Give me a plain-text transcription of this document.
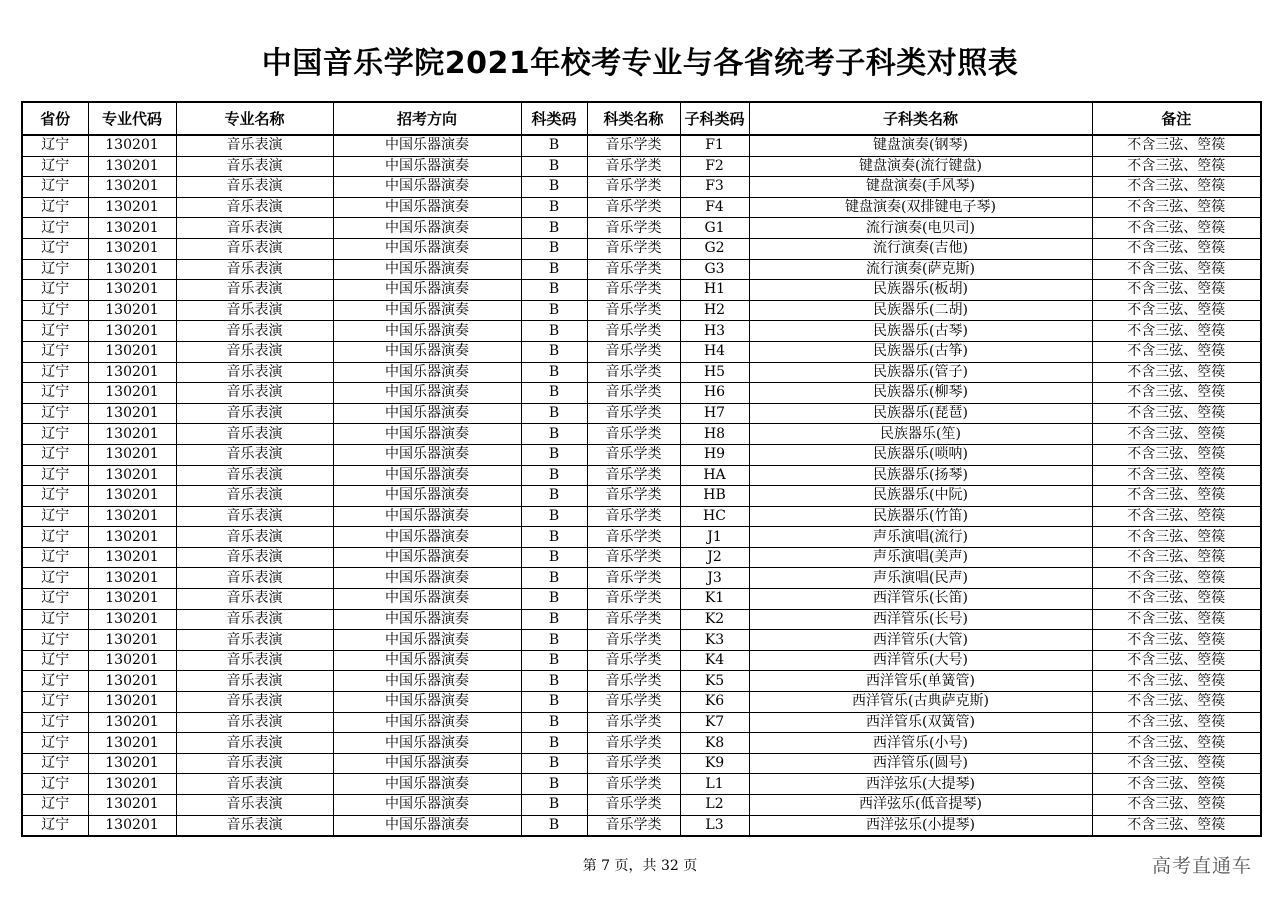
中国音乐学院2021年校考专业与各省统考子科类对照表
省份	专业代码	专业名称	招考方向	科类码	科类名称	子科类码	子科类名称	备注
辽宁	130201	音乐表演	中国乐器演奏	B	音乐学类	F1	键盘演奏(钢琴)	不含三弦、箜篌
辽宁	130201	音乐表演	中国乐器演奏	B	音乐学类	F2	键盘演奏(流行键盘)	不含三弦、箜篌
辽宁	130201	音乐表演	中国乐器演奏	B	音乐学类	F3	键盘演奏(手风琴)	不含三弦、箜篌
辽宁	130201	音乐表演	中国乐器演奏	B	音乐学类	F4	键盘演奏(双排键电子琴)	不含三弦、箜篌
辽宁	130201	音乐表演	中国乐器演奏	B	音乐学类	G1	流行演奏(电贝司)	不含三弦、箜篌
辽宁	130201	音乐表演	中国乐器演奏	B	音乐学类	G2	流行演奏(吉他)	不含三弦、箜篌
辽宁	130201	音乐表演	中国乐器演奏	B	音乐学类	G3	流行演奏(萨克斯)	不含三弦、箜篌
辽宁	130201	音乐表演	中国乐器演奏	B	音乐学类	H1	民族器乐(板胡)	不含三弦、箜篌
辽宁	130201	音乐表演	中国乐器演奏	B	音乐学类	H2	民族器乐(二胡)	不含三弦、箜篌
辽宁	130201	音乐表演	中国乐器演奏	B	音乐学类	H3	民族器乐(古琴)	不含三弦、箜篌
辽宁	130201	音乐表演	中国乐器演奏	B	音乐学类	H4	民族器乐(古筝)	不含三弦、箜篌
辽宁	130201	音乐表演	中国乐器演奏	B	音乐学类	H5	民族器乐(管子)	不含三弦、箜篌
辽宁	130201	音乐表演	中国乐器演奏	B	音乐学类	H6	民族器乐(柳琴)	不含三弦、箜篌
辽宁	130201	音乐表演	中国乐器演奏	B	音乐学类	H7	民族器乐(琵琶)	不含三弦、箜篌
辽宁	130201	音乐表演	中国乐器演奏	B	音乐学类	H8	民族器乐(笙)	不含三弦、箜篌
辽宁	130201	音乐表演	中国乐器演奏	B	音乐学类	H9	民族器乐(唢呐)	不含三弦、箜篌
辽宁	130201	音乐表演	中国乐器演奏	B	音乐学类	HA	民族器乐(扬琴)	不含三弦、箜篌
辽宁	130201	音乐表演	中国乐器演奏	B	音乐学类	HB	民族器乐(中阮)	不含三弦、箜篌
辽宁	130201	音乐表演	中国乐器演奏	B	音乐学类	HC	民族器乐(竹笛)	不含三弦、箜篌
辽宁	130201	音乐表演	中国乐器演奏	B	音乐学类	J1	声乐演唱(流行)	不含三弦、箜篌
辽宁	130201	音乐表演	中国乐器演奏	B	音乐学类	J2	声乐演唱(美声)	不含三弦、箜篌
辽宁	130201	音乐表演	中国乐器演奏	B	音乐学类	J3	声乐演唱(民声)	不含三弦、箜篌
辽宁	130201	音乐表演	中国乐器演奏	B	音乐学类	K1	西洋管乐(长笛)	不含三弦、箜篌
辽宁	130201	音乐表演	中国乐器演奏	B	音乐学类	K2	西洋管乐(长号)	不含三弦、箜篌
辽宁	130201	音乐表演	中国乐器演奏	B	音乐学类	K3	西洋管乐(大管)	不含三弦、箜篌
辽宁	130201	音乐表演	中国乐器演奏	B	音乐学类	K4	西洋管乐(大号)	不含三弦、箜篌
辽宁	130201	音乐表演	中国乐器演奏	B	音乐学类	K5	西洋管乐(单簧管)	不含三弦、箜篌
辽宁	130201	音乐表演	中国乐器演奏	B	音乐学类	K6	西洋管乐(古典萨克斯)	不含三弦、箜篌
辽宁	130201	音乐表演	中国乐器演奏	B	音乐学类	K7	西洋管乐(双簧管)	不含三弦、箜篌
辽宁	130201	音乐表演	中国乐器演奏	B	音乐学类	K8	西洋管乐(小号)	不含三弦、箜篌
辽宁	130201	音乐表演	中国乐器演奏	B	音乐学类	K9	西洋管乐(圆号)	不含三弦、箜篌
辽宁	130201	音乐表演	中国乐器演奏	B	音乐学类	L1	西洋弦乐(大提琴)	不含三弦、箜篌
辽宁	130201	音乐表演	中国乐器演奏	B	音乐学类	L2	西洋弦乐(低音提琴)	不含三弦、箜篌
辽宁	130201	音乐表演	中国乐器演奏	B	音乐学类	L3	西洋弦乐(小提琴)	不含三弦、箜篌
第 7 页，共 32 页	高考直通车
